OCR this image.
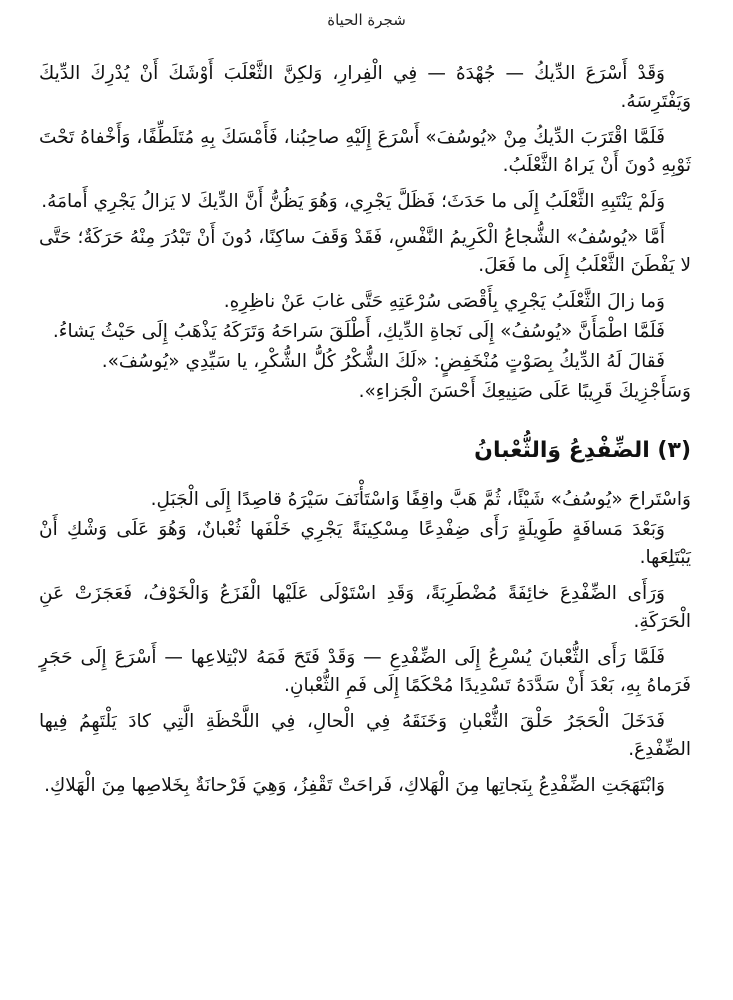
شجرة الحياة

وَقَدْ أَسْرَعَ الدِّيكُ — جُهْدَهُ — فِي الْفِرارِ، وَلكِنَّ الثَّعْلَبَ أَوْشَكَ أَنْ يُدْرِكَ الدِّيكَ وَيَفْتَرِسَهُ.

فَلَمَّا اقْتَرَبَ الدِّيكُ مِنْ «يُوسُفَ» أَسْرَعَ إِلَيْهِ صاحِبُنا، فَأَمْسَكَ بِهِ مُتَلَطِّفًا، وَأَخْفاهُ تَحْتَ ثَوْبِهِ دُونَ أَنْ يَراهُ الثَّعْلَبُ.

وَلَمْ يَنْتَبِهِ الثَّعْلَبُ إِلَى ما حَدَثَ؛ فَظَلَّ يَجْرِي، وَهُوَ يَظُنُّ أَنَّ الدِّيكَ لا يَزالُ يَجْرِي أَمامَهُ.

أَمَّا «يُوسُفُ» الشُّجاعُ الْكَرِيمُ النَّفْسِ، فَقَدْ وَقَفَ ساكِنًا، دُونَ أَنْ تَبْدُرَ مِنْهُ حَرَكَةٌ؛ حَتَّى لا يَفْطَنَ الثَّعْلَبُ إِلَى ما فَعَلَ.

وَما زالَ الثَّعْلَبُ يَجْرِي بِأَقْصَى سُرْعَتِهِ حَتَّى غابَ عَنْ ناظِرِهِ.

فَلَمَّا اطْمَأَنَّ «يُوسُفُ» إِلَى نَجاةِ الدِّيكِ، أَطْلَقَ سَراحَهُ وَتَرَكَهُ يَذْهَبُ إِلَى حَيْثُ يَشاءُ.

فَقالَ لَهُ الدِّيكُ بِصَوْتٍ مُنْخَفِضٍ: «لَكَ الشُّكْرُ كُلُّ الشُّكْرِ، يا سَيِّدِي «يُوسُفَ».

وَسَأَجْزِيكَ قَرِيبًا عَلَى صَنِيعِكَ أَحْسَنَ الْجَزاءِ».

(٣) الضِّفْدِعُ وَالثُّعْبانُ

وَاسْتَراحَ «يُوسُفُ» شَيْئًا، ثُمَّ هَبَّ واقِفًا وَاسْتَأْنَفَ سَيْرَهُ قاصِدًا إِلَى الْجَبَلِ.

وَبَعْدَ مَسافَةٍ طَوِيلَةٍ رَأَى ضِفْدِعًا مِسْكِينَةً يَجْرِي خَلْفَها ثُعْبانٌ، وَهُوَ عَلَى وَشْكِ أَنْ يَبْتَلِعَها.

وَرَأَى الضِّفْدِعَ خائِفَةً مُضْطَرِبَةً، وَقَدِ اسْتَوْلَى عَلَيْها الْفَزَعُ وَالْخَوْفُ، فَعَجَزَتْ عَنِ الْحَرَكَةِ.

فَلَمَّا رَأَى الثُّعْبانَ يُسْرِعُ إِلَى الضِّفْدِعِ — وَقَدْ فَتَحَ فَمَهُ لابْتِلاعِها — أَسْرَعَ إِلَى حَجَرٍ فَرَماهُ بِهِ، بَعْدَ أَنْ سَدَّدَهُ تَسْدِيدًا مُحْكَمًا إِلَى فَمِ الثُّعْبانِ.

فَدَخَلَ الْحَجَرُ حَلْقَ الثُّعْبانِ وَخَنَقَهُ فِي الْحالِ، فِي اللَّحْظَةِ الَّتِي كادَ يَلْتَهِمُ فِيها الضِّفْدِعَ.

وَابْتَهَجَتِ الضِّفْدِعُ بِنَجاتِها مِنَ الْهَلاكِ، فَراحَتْ تَقْفِزُ، وَهِيَ فَرْحانَةٌ بِخَلاصِها مِنَ الْهَلاكِ.
